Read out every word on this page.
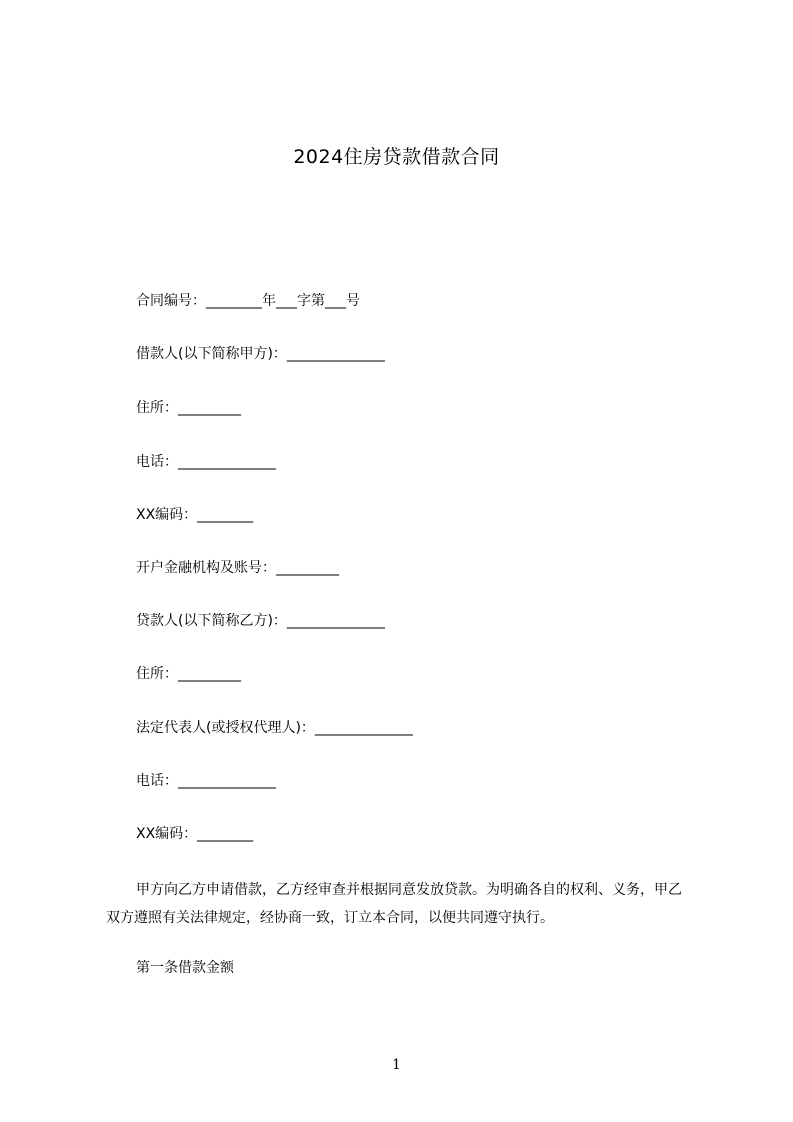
2024住房贷款借款合同
合同编号：________年___字第___号
借款人(以下简称甲方)：______________
住所：_________
电话：______________
XX编码：________
开户金融机构及账号：_________
贷款人(以下简称乙方)：______________
住所：_________
法定代表人(或授权代理人)：______________
电话：______________
XX编码：________

甲方向乙方申请借款，乙方经审查并根据同意发放贷款。为明确各自的权利、义务，甲乙双方遵照有关法律规定，经协商一致，订立本合同，以便共同遵守执行。

第一条借款金额
1
